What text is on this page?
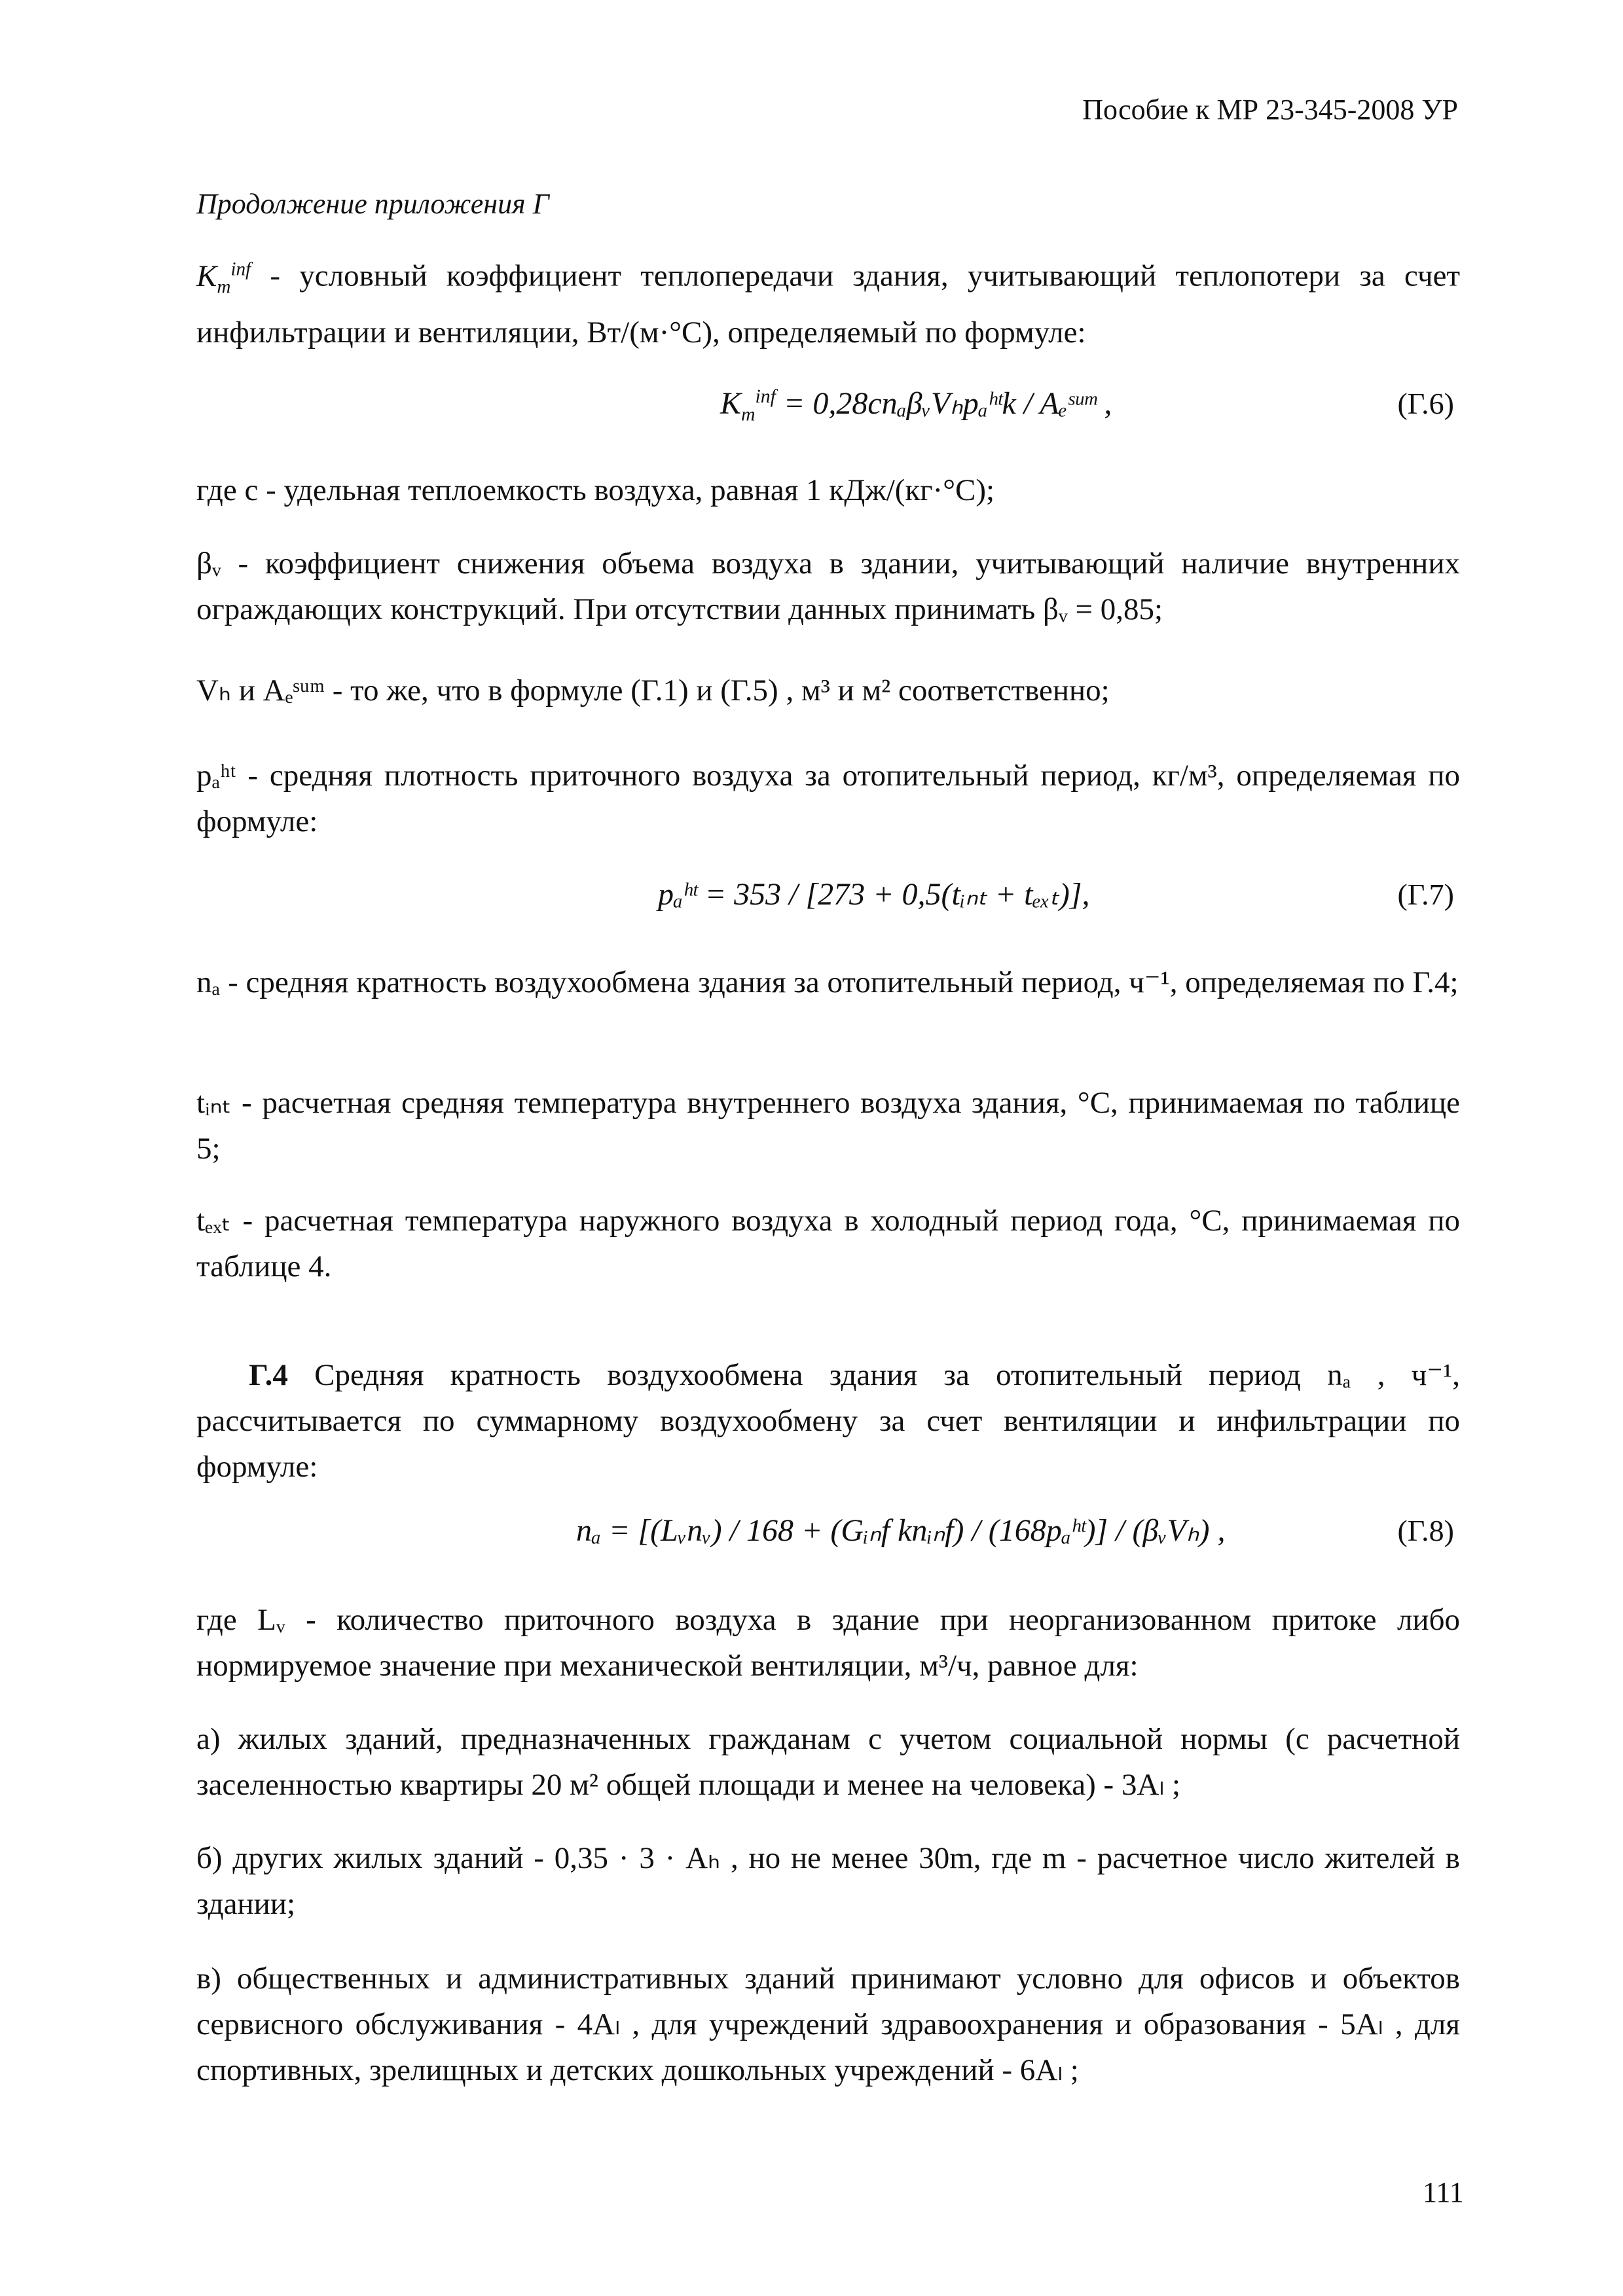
Пособие к МР 23-345-2008 УР
Продолжение приложения Г
$K_m^{inf}$ - условный коэффициент теплопередачи здания, учитывающий теплопотери за счет инфильтрации и вентиляции, Вт/(м·°С), определяемый по формуле:
$K_m^{inf}$ = 0,28cnₐβᵥVₕpₐʰᵗk / Aₑˢᵘᵐ ,	(Г.6)
где c - удельная теплоемкость воздуха, равная 1 кДж/(кг·°С);
βᵥ - коэффициент снижения объема воздуха в здании, учитывающий наличие внутренних ограждающих конструкций. При отсутствии данных принимать βᵥ = 0,85;
Vₕ и Aₑˢᵘᵐ - то же, что в формуле (Г.1) и (Г.5) , м³ и м² соответственно;
pₐʰᵗ - средняя плотность приточного воздуха за отопительный период, кг/м³, определяемая по формуле:
pₐʰᵗ = 353 / [273 + 0,5(tᵢₙₜ + tₑₓₜ)],	(Г.7)
nₐ - средняя кратность воздухообмена здания за отопительный период, ч⁻¹, определяемая по Г.4;
tᵢₙₜ - расчетная средняя температура внутреннего воздуха здания, °С, принимаемая по таблице 5;
tₑₓₜ - расчетная температура наружного воздуха в холодный период года, °С, принимаемая по таблице 4.
Г.4 Средняя кратность воздухообмена здания за отопительный период nₐ , ч⁻¹, рассчитывается по суммарному воздухообмену за счет вентиляции и инфильтрации по формуле:
nₐ = [(Lᵥnᵥ) / 168 + (Gᵢₙf knᵢₙf) / (168pₐʰᵗ)] / (βᵥVₕ) ,	(Г.8)
где Lᵥ - количество приточного воздуха в здание при неорганизованном притоке либо нормируемое значение при механической вентиляции, м³/ч, равное для:
а) жилых зданий, предназначенных гражданам с учетом социальной нормы (с расчетной заселенностью квартиры 20 м² общей площади и менее на человека) - 3Aₗ ;
б) других жилых зданий - 0,35 · 3 · Aₕ , но не менее 30m, где m - расчетное число жителей в здании;
в) общественных и административных зданий принимают условно для офисов и объектов сервисного обслуживания - 4Aₗ , для учреждений здравоохранения и образования - 5Aₗ , для спортивных, зрелищных и детских дошкольных учреждений - 6Aₗ ;
111
